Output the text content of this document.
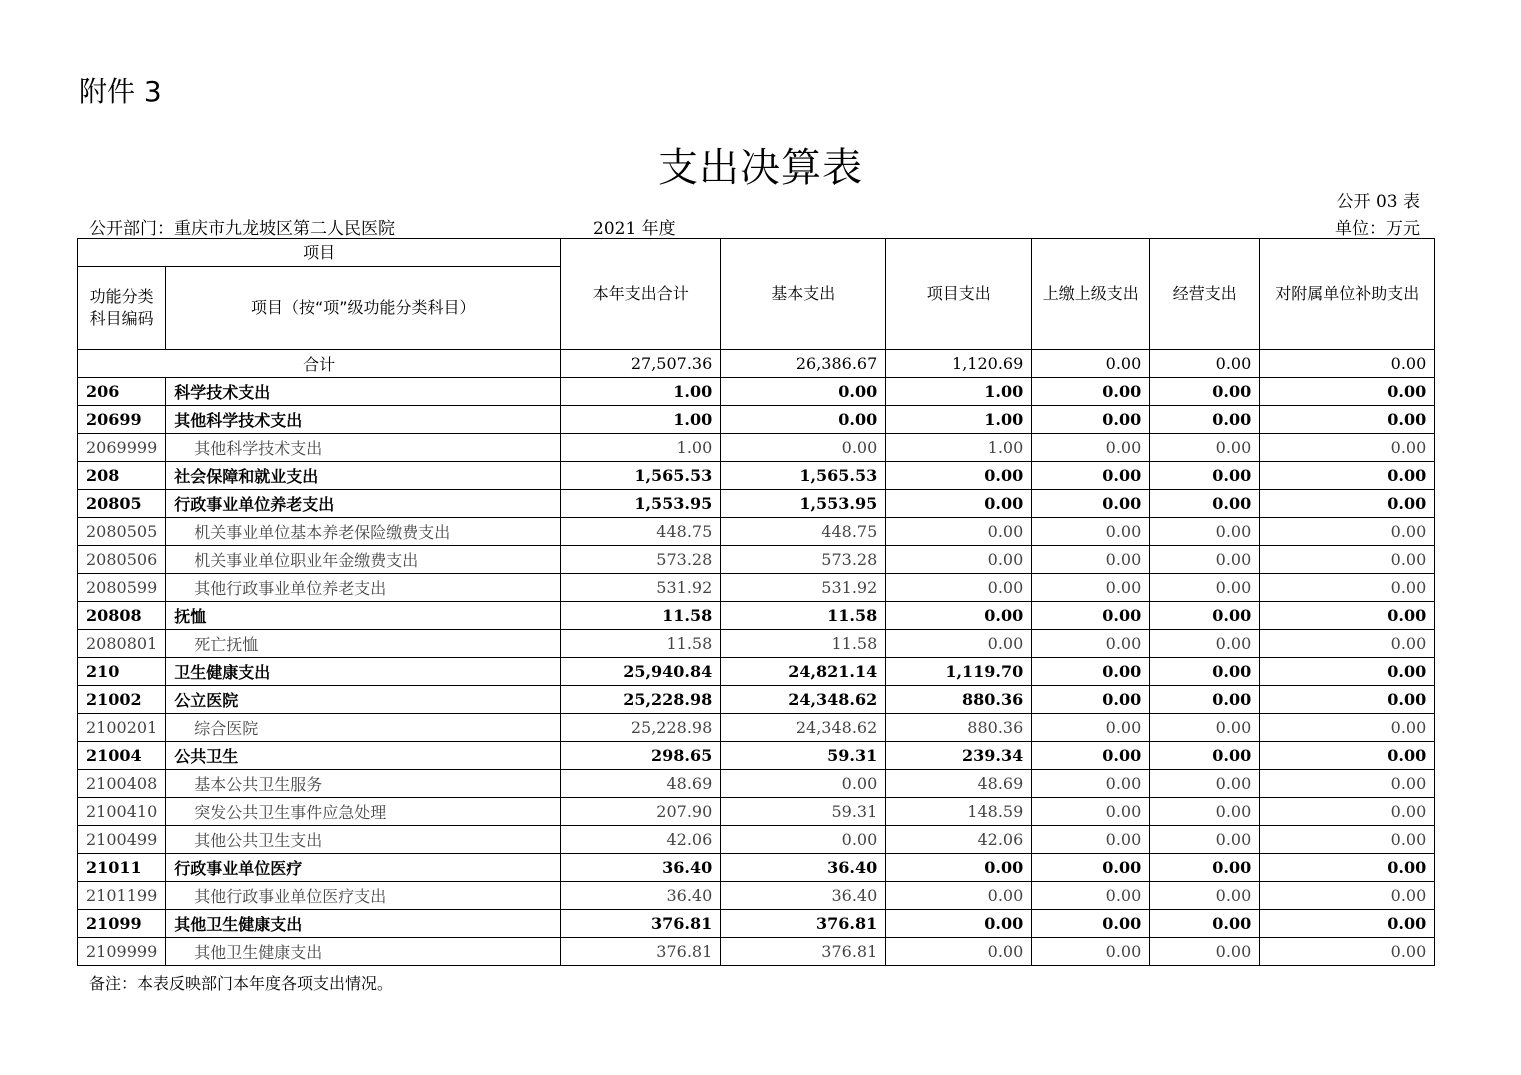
附件 3
支出决算表
公开 03 表
公开部门：重庆市九龙坡区第二人民医院	2021 年度	单位：万元
项目		本年支出合计	基本支出	项目支出	上缴上级支出	经营支出	对附属单位补助支出
功能分类科目编码	项目（按“项”级功能分类科目）						
合计		27,507.36	26,386.67	1,120.69	0.00	0.00	0.00
206	科学技术支出	1.00	0.00	1.00	0.00	0.00	0.00
20699	其他科学技术支出	1.00	0.00	1.00	0.00	0.00	0.00
2069999	其他科学技术支出	1.00	0.00	1.00	0.00	0.00	0.00
208	社会保障和就业支出	1,565.53	1,565.53	0.00	0.00	0.00	0.00
20805	行政事业单位养老支出	1,553.95	1,553.95	0.00	0.00	0.00	0.00
2080505	机关事业单位基本养老保险缴费支出	448.75	448.75	0.00	0.00	0.00	0.00
2080506	机关事业单位职业年金缴费支出	573.28	573.28	0.00	0.00	0.00	0.00
2080599	其他行政事业单位养老支出	531.92	531.92	0.00	0.00	0.00	0.00
20808	抚恤	11.58	11.58	0.00	0.00	0.00	0.00
2080801	死亡抚恤	11.58	11.58	0.00	0.00	0.00	0.00
210	卫生健康支出	25,940.84	24,821.14	1,119.70	0.00	0.00	0.00
21002	公立医院	25,228.98	24,348.62	880.36	0.00	0.00	0.00
2100201	综合医院	25,228.98	24,348.62	880.36	0.00	0.00	0.00
21004	公共卫生	298.65	59.31	239.34	0.00	0.00	0.00
2100408	基本公共卫生服务	48.69	0.00	48.69	0.00	0.00	0.00
2100410	突发公共卫生事件应急处理	207.90	59.31	148.59	0.00	0.00	0.00
2100499	其他公共卫生支出	42.06	0.00	42.06	0.00	0.00	0.00
21011	行政事业单位医疗	36.40	36.40	0.00	0.00	0.00	0.00
2101199	其他行政事业单位医疗支出	36.40	36.40	0.00	0.00	0.00	0.00
21099	其他卫生健康支出	376.81	376.81	0.00	0.00	0.00	0.00
2109999	其他卫生健康支出	376.81	376.81	0.00	0.00	0.00	0.00
备注：本表反映部门本年度各项支出情况。
